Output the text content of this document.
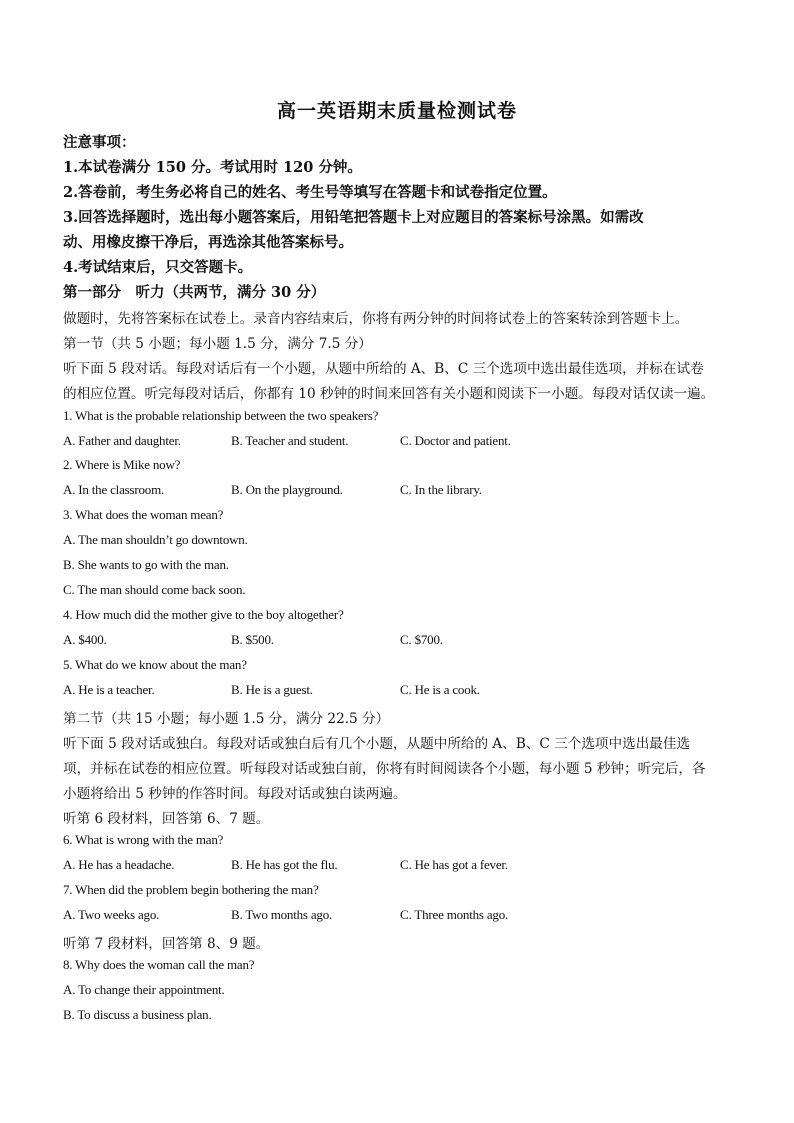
高一英语期末质量检测试卷
注意事项：
1.本试卷满分 150 分。考试用时 120 分钟。
2.答卷前，考生务必将自己的姓名、考生号等填写在答题卡和试卷指定位置。
3.回答选择题时，选出每小题答案后，用铅笔把答题卡上对应题目的答案标号涂黑。如需改
动、用橡皮擦干净后，再选涂其他答案标号。
4.考试结束后，只交答题卡。
第一部分　听力（共两节，满分 30 分）
做题时，先将答案标在试卷上。录音内容结束后，你将有两分钟的时间将试卷上的答案转涂到答题卡上。
第一节（共 5 小题；每小题 1.5 分，满分 7.5 分）
听下面 5 段对话。每段对话后有一个小题，从题中所给的 A、B、C 三个选项中选出最佳选项，并标在试卷
的相应位置。听完每段对话后，你都有 10 秒钟的时间来回答有关小题和阅读下一小题。每段对话仅读一遍。
1. What is the probable relationship between the two speakers?
A. Father and daughter.	B. Teacher and student.	C. Doctor and patient.
2. Where is Mike now?
A. In the classroom.	B. On the playground.	C. In the library.
3. What does the woman mean?
A. The man shouldn’t go downtown.
B. She wants to go with the man.
C. The man should come back soon.
4. How much did the mother give to the boy altogether?
A. $400.	B. $500.	C. $700.
5. What do we know about the man?
A. He is a teacher.	B. He is a guest.	C. He is a cook.
第二节（共 15 小题；每小题 1.5 分，满分 22.5 分）
听下面 5 段对话或独白。每段对话或独白后有几个小题，从题中所给的 A、B、C 三个选项中选出最佳选
项，并标在试卷的相应位置。听每段对话或独白前，你将有时间阅读各个小题，每小题 5 秒钟；听完后，各
小题将给出 5 秒钟的作答时间。每段对话或独白读两遍。
听第 6 段材料，回答第 6、7 题。
6. What is wrong with the man?
A. He has a headache.	B. He has got the flu.	C. He has got a fever.
7. When did the problem begin bothering the man?
A. Two weeks ago.	B. Two months ago.	C. Three months ago.
听第 7 段材料，回答第 8、9 题。
8. Why does the woman call the man?
A. To change their appointment.
B. To discuss a business plan.
